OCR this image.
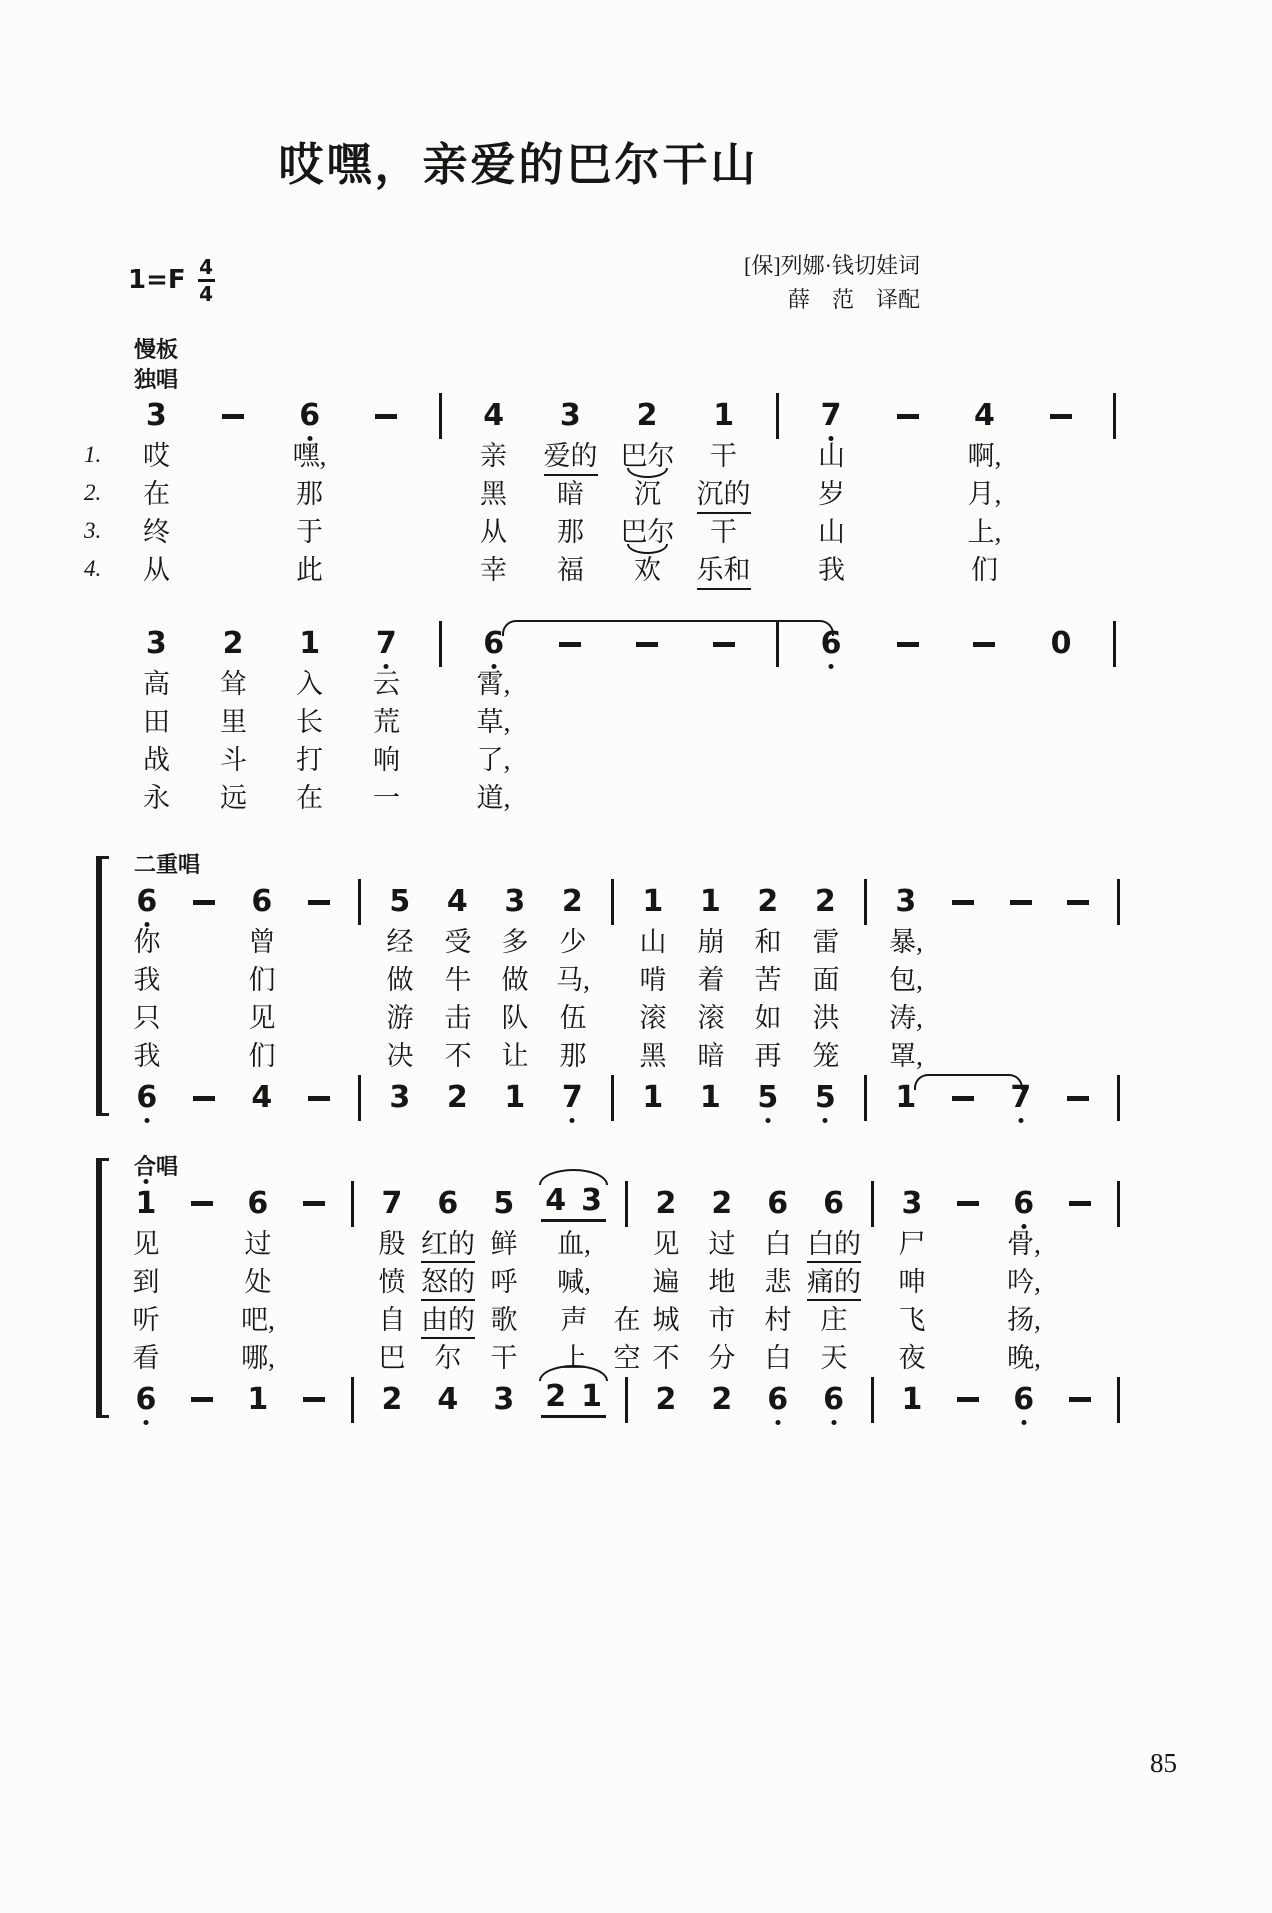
哎嘿，亲爱的巴尔干山
$1=F \frac{4}{4}$	[保]列娜·钱切娃词
薛　范　译配
慢板
独唱
3	6	4 3 2 1	7	4
1. 哎	嘿,	亲 爱的 巴尔 干	山	啊,
2. 在	那	黑 暗 沉 沉的	岁	月,
3. 终	于	从 那 巴尔 干	山	上,
4. 从	此	幸 福 欢 乐和	我	们
3 2 1 7	6	6	0
高 耸 入 云	霄,
田 里 长 荒	草,
战 斗 打 响	了,
永 远 在 一	道,
二重唱
6	6	5 4 3 2 1 1 2 2 3
你	曾	经 受 多 少 山 崩 和 雷 暴,
我	们	做 牛 做 马, 啃 着 苦 面 包,
只	见	游 击 队 伍 滚 滚 如 洪 涛,
我	们	决 不 让 那 黑 暗 再 笼 罩,
6	4	3 2 1 7 1 1 5 5 1	7
合唱
1	6	7 6 5 4 3 2 2 6 6 3	6
见	过	殷 红的 鲜 血, 见 过 白 白的 尸	骨,
到	处	愤 怒的 呼 喊, 遍 地 悲 痛的 呻	吟,
听	吧,	自 由的 歌 声 在 城 市 村 庄 飞	扬,
看	哪,	巴 尔 干 上 空 不 分 白 天 夜	晚,
6	1	2 4 3 2 1 2 2 6 6 1	6
85
